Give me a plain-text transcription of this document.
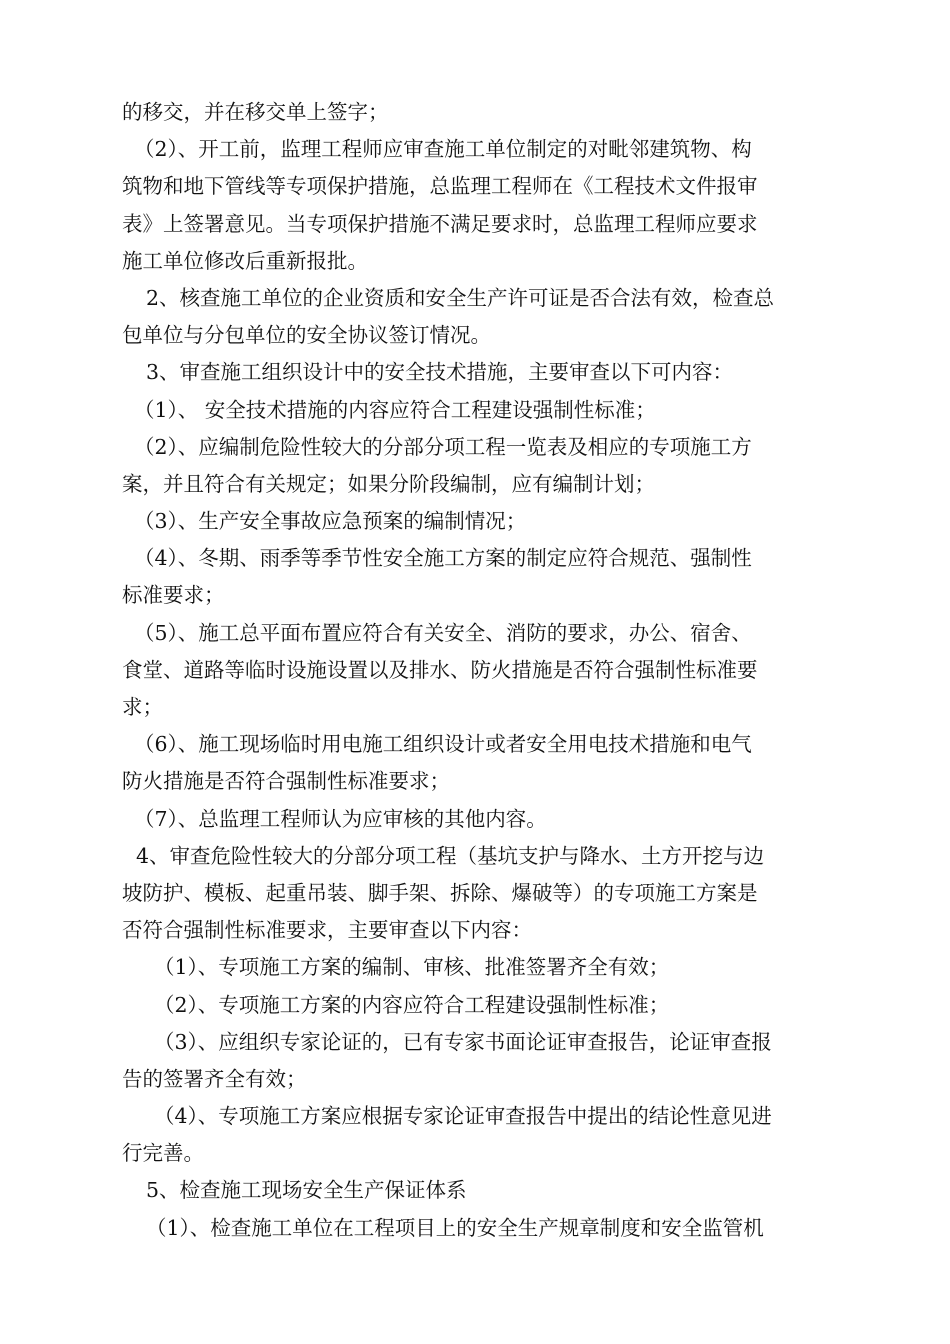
的移交，并在移交单上签字；
（2）、开工前，监理工程师应审查施工单位制定的对毗邻建筑物、构
筑物和地下管线等专项保护措施，总监理工程师在《工程技术文件报审
表》上签署意见。当专项保护措施不满足要求时，总监理工程师应要求
施工单位修改后重新报批。
2、核查施工单位的企业资质和安全生产许可证是否合法有效，检查总
包单位与分包单位的安全协议签订情况。
3、审查施工组织设计中的安全技术措施，主要审查以下可内容：
（1）、 安全技术措施的内容应符合工程建设强制性标准；
（2）、应编制危险性较大的分部分项工程一览表及相应的专项施工方
案，并且符合有关规定；如果分阶段编制，应有编制计划；
（3）、生产安全事故应急预案的编制情况；
（4）、冬期、雨季等季节性安全施工方案的制定应符合规范、强制性
标准要求；
（5）、施工总平面布置应符合有关安全、消防的要求，办公、宿舍、
食堂、道路等临时设施设置以及排水、防火措施是否符合强制性标准要
求；
（6）、施工现场临时用电施工组织设计或者安全用电技术措施和电气
防火措施是否符合强制性标准要求；
（7）、总监理工程师认为应审核的其他内容。
4、审查危险性较大的分部分项工程（基坑支护与降水、土方开挖与边
坡防护、模板、起重吊装、脚手架、拆除、爆破等）的专项施工方案是
否符合强制性标准要求，主要审查以下内容：
（1）、专项施工方案的编制、审核、批准签署齐全有效；
（2）、专项施工方案的内容应符合工程建设强制性标准；
（3）、应组织专家论证的，已有专家书面论证审查报告，论证审查报
告的签署齐全有效；
（4）、专项施工方案应根据专家论证审查报告中提出的结论性意见进
行完善。
5、检查施工现场安全生产保证体系
（1）、检查施工单位在工程项目上的安全生产规章制度和安全监管机
